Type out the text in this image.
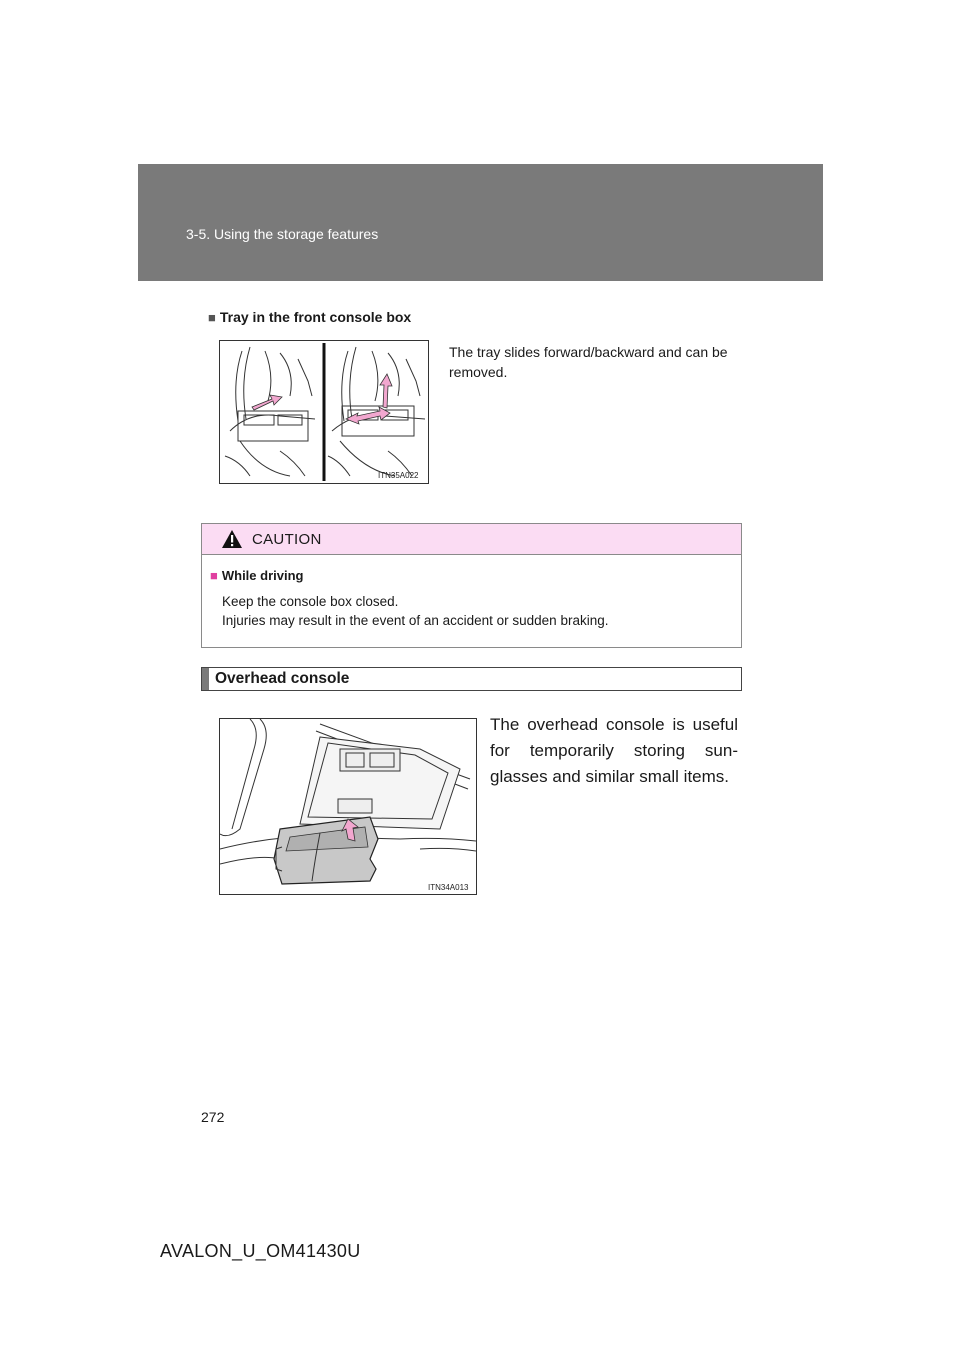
3-5. Using the storage features
■ Tray in the front console box
ITN35A022
The tray slides forward/backward and can be removed.
CAUTION
■ While driving
Keep the console box closed.
Injuries may result in the event of an accident or sudden braking.
Overhead console
ITN34A013
The overhead console is useful for temporarily storing sun-glasses and similar small items.
272
AVALON_U_OM41430U
